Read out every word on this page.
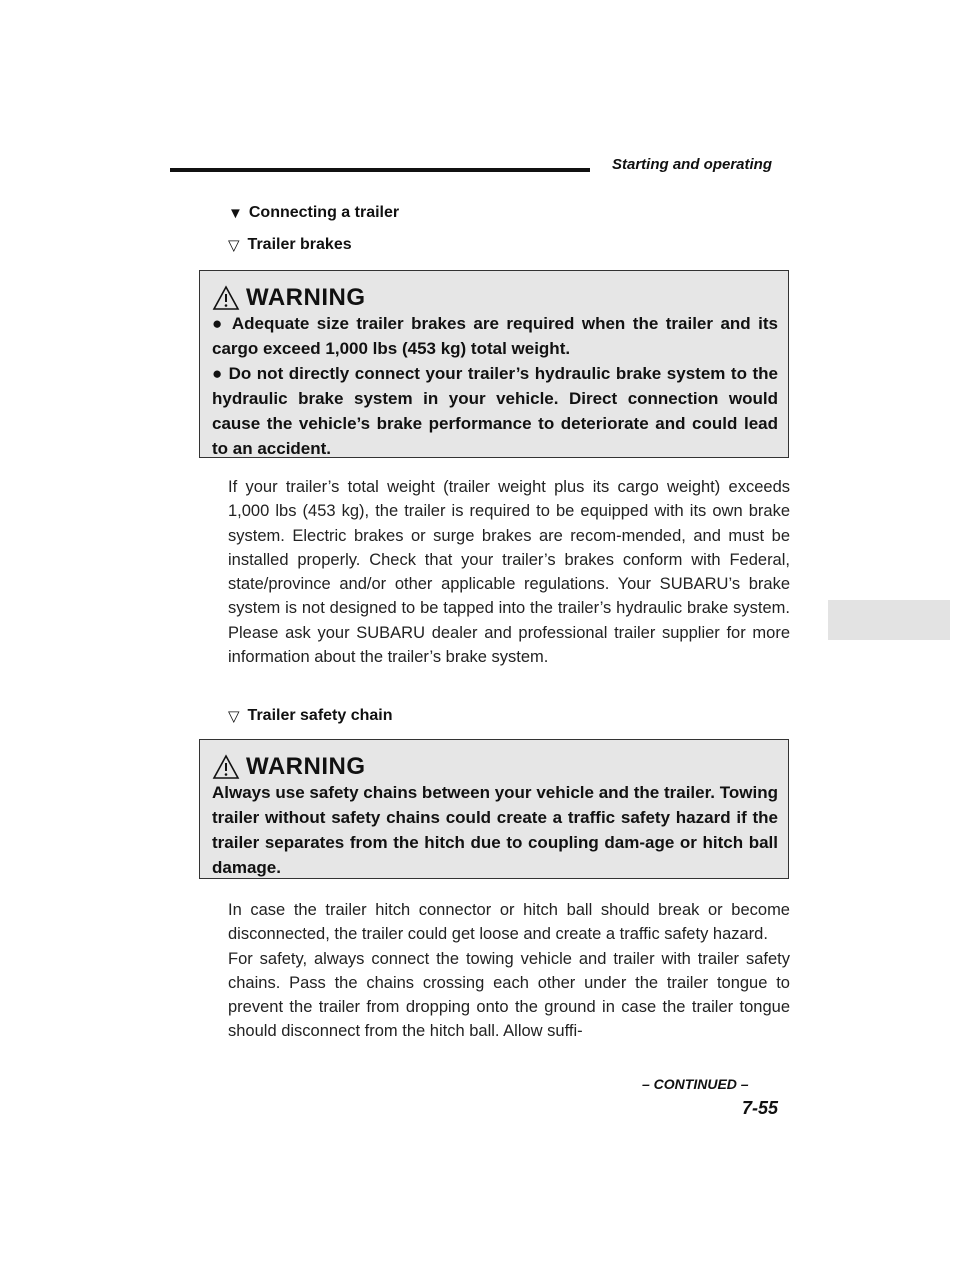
Starting and operating
▼ Connecting a trailer
▽ Trailer brakes
WARNING

● Adequate size trailer brakes are required when the trailer and its cargo exceed 1,000 lbs (453 kg) total weight.

● Do not directly connect your trailer’s hydraulic brake system to the hydraulic brake system in your vehicle. Direct connection would cause the vehicle’s brake performance to deteriorate and could lead to an accident.

If your trailer’s total weight (trailer weight plus its cargo weight) exceeds 1,000 lbs (453 kg), the trailer is required to be equipped with its own brake system. Electric brakes or surge brakes are recom-mended, and must be installed properly. Check that your trailer’s brakes conform with Federal, state/province and/or other applicable regulations. Your SUBARU’s brake system is not designed to be tapped into the trailer’s hydraulic brake system. Please ask your SUBARU dealer and professional trailer supplier for more information about the trailer’s brake system.

▽ Trailer safety chain
WARNING

Always use safety chains between your vehicle and the trailer. Towing trailer without safety chains could create a traffic safety hazard if the trailer separates from the hitch due to coupling dam-age or hitch ball damage.

In case the trailer hitch connector or hitch ball should break or become disconnected, the trailer could get loose and create a traffic safety hazard.

For safety, always connect the towing vehicle and trailer with trailer safety chains. Pass the chains crossing each other under the trailer tongue to prevent the trailer from dropping onto the ground in case the trailer tongue should disconnect from the hitch ball. Allow suffi-

– CONTINUED –
7-55
